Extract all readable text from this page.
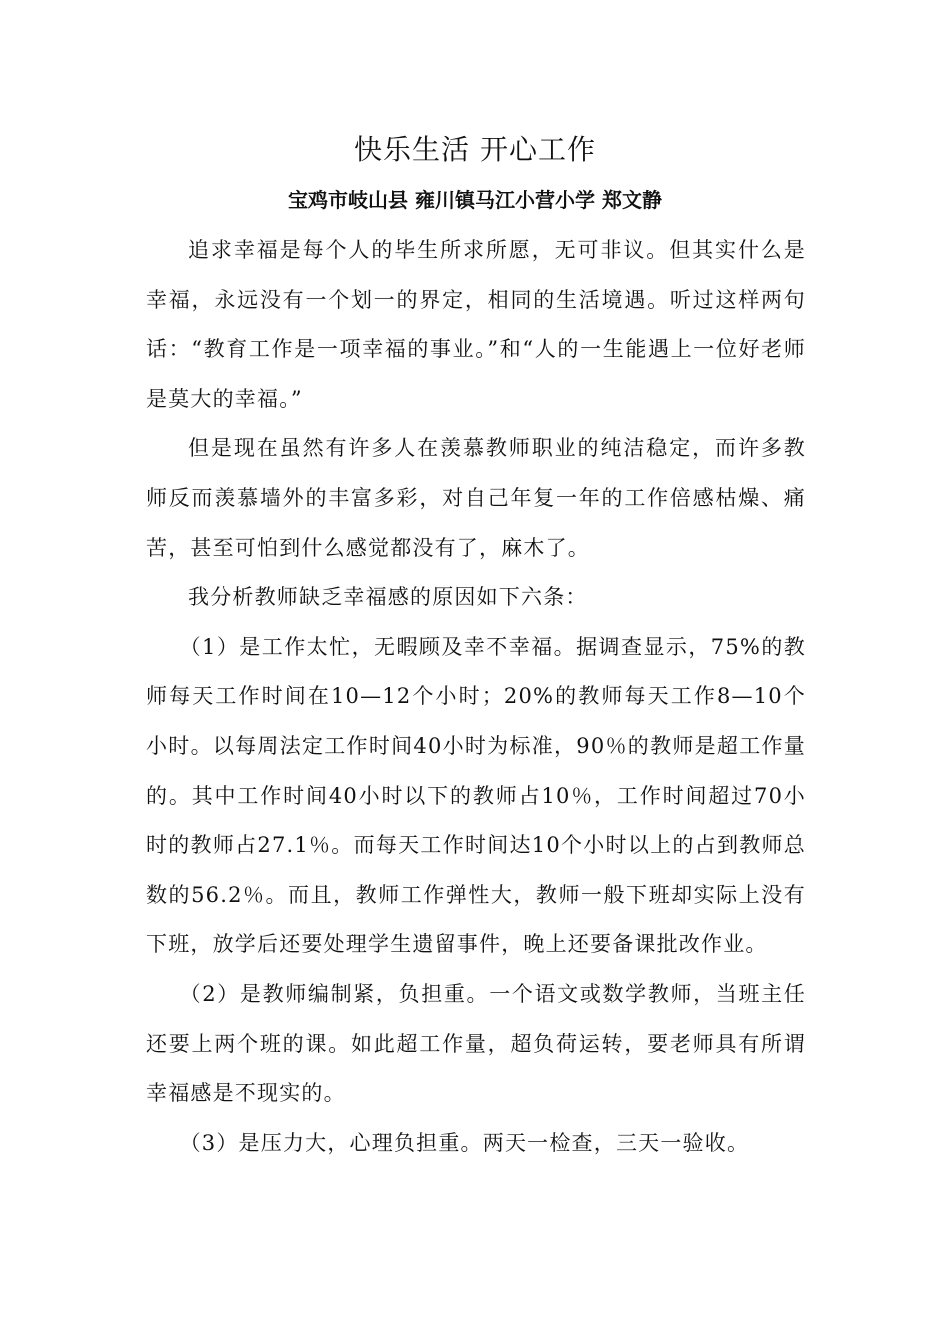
快乐生活 开心工作
宝鸡市岐山县 雍川镇马江小营小学 郑文静

追求幸福是每个人的毕生所求所愿，无可非议。但其实什么是幸福，永远没有一个划一的界定，相同的生活境遇。听过这样两句话：“教育工作是一项幸福的事业。”和“人的一生能遇上一位好老师是莫大的幸福。”

但是现在虽然有许多人在羡慕教师职业的纯洁稳定，而许多教师反而羡慕墙外的丰富多彩，对自己年复一年的工作倍感枯燥、痛苦，甚至可怕到什么感觉都没有了，麻木了。

我分析教师缺乏幸福感的原因如下六条：

（1）是工作太忙，无暇顾及幸不幸福。据调查显示，75%的教师每天工作时间在10—12个小时；20%的教师每天工作8—10个小时。以每周法定工作时间40小时为标准，90％的教师是超工作量的。其中工作时间40小时以下的教师占10％，工作时间超过70小时的教师占27.1％。而每天工作时间达10个小时以上的占到教师总数的56.2％。而且，教师工作弹性大，教师一般下班却实际上没有下班，放学后还要处理学生遗留事件，晚上还要备课批改作业。

（2）是教师编制紧，负担重。一个语文或数学教师，当班主任还要上两个班的课。如此超工作量，超负荷运转，要老师具有所谓幸福感是不现实的。

（3）是压力大，心理负担重。两天一检查，三天一验收。
